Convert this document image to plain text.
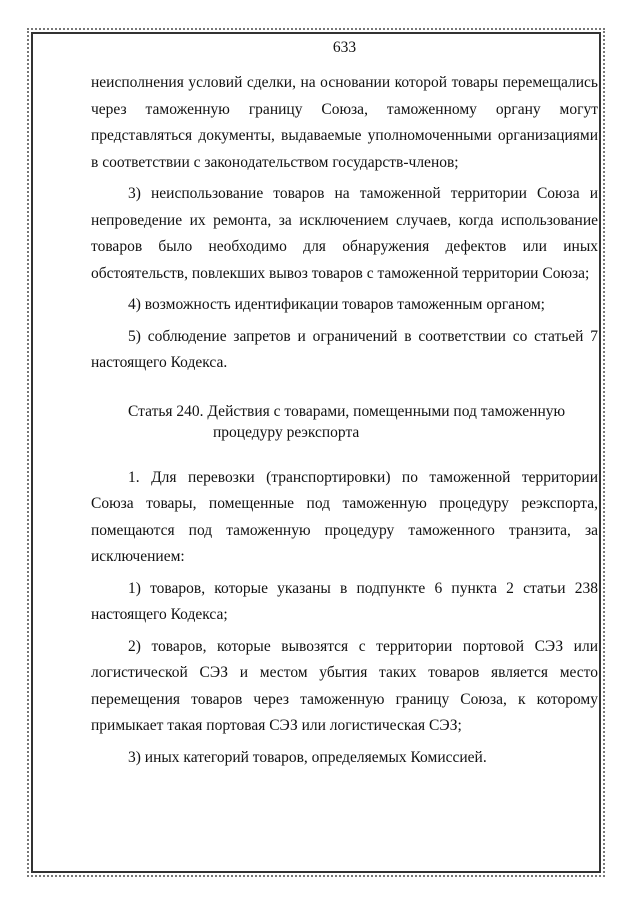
633

неисполнения условий сделки, на основании которой товары перемещались через таможенную границу Союза, таможенному органу могут представляться документы, выдаваемые уполномоченными организациями в соответствии с законодательством государств-членов;

3) неиспользование товаров на таможенной территории Союза и непроведение их ремонта, за исключением случаев, когда использование товаров было необходимо для обнаружения дефектов или иных обстоятельств, повлекших вывоз товаров с таможенной территории Союза;

4) возможность идентификации товаров таможенным органом;

5) соблюдение запретов и ограничений в соответствии со статьей 7 настоящего Кодекса.

Статья 240. Действия с товарами, помещенными под таможенную
процедуру реэкспорта

1. Для перевозки (транспортировки) по таможенной территории Союза товары, помещенные под таможенную процедуру реэкспорта, помещаются под таможенную процедуру таможенного транзита, за исключением:

1) товаров, которые указаны в подпункте 6 пункта 2 статьи 238 настоящего Кодекса;

2) товаров, которые вывозятся с территории портовой СЭЗ или логистической СЭЗ и местом убытия таких товаров является место перемещения товаров через таможенную границу Союза, к которому примыкает такая портовая СЭЗ или логистическая СЭЗ;

3) иных категорий товаров, определяемых Комиссией.
